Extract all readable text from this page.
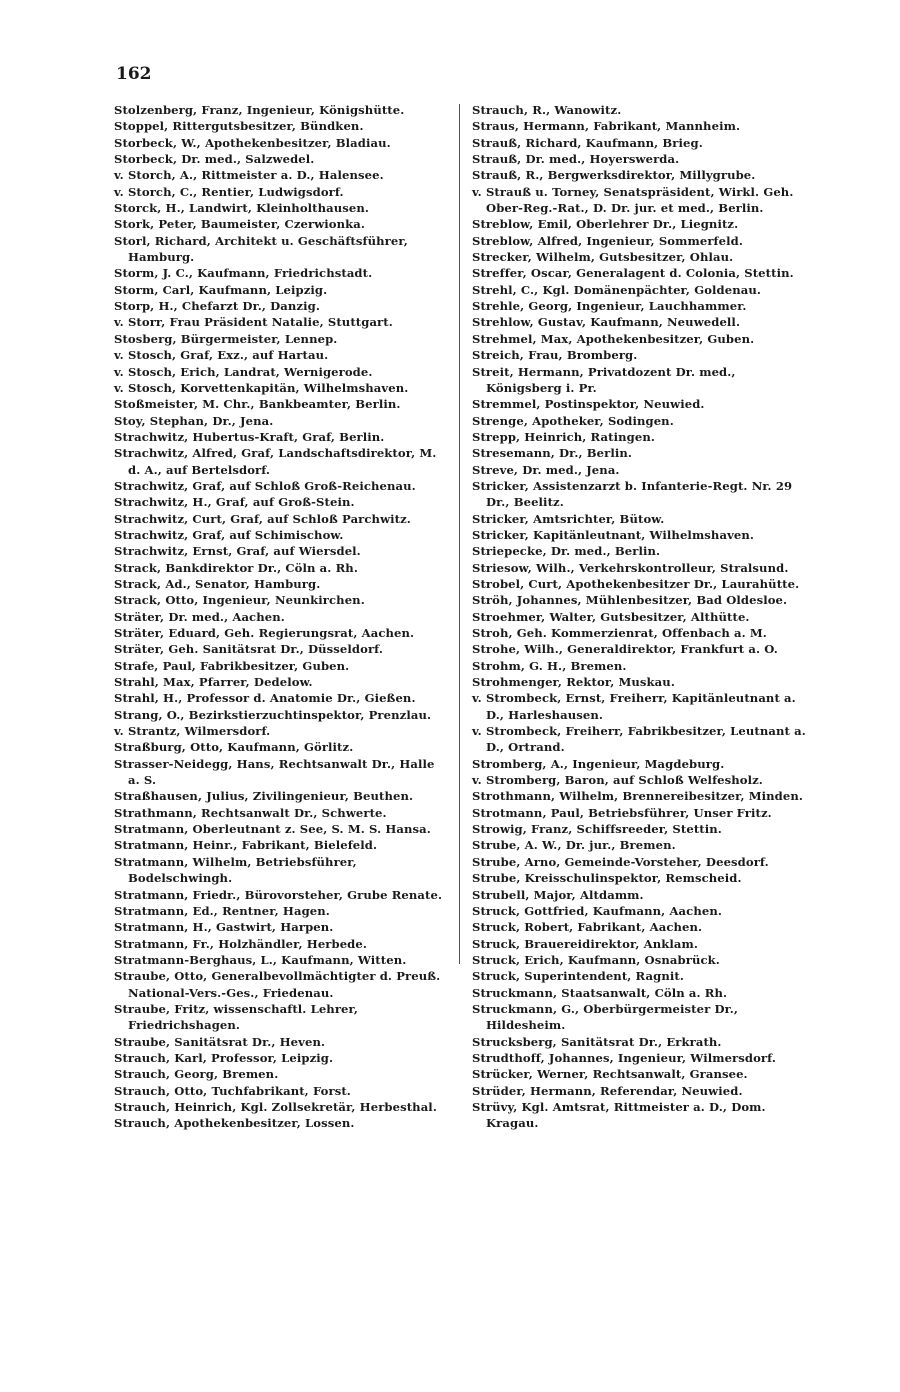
162
Stolzenberg, Franz, Ingenieur, Königshütte.
Stoppel, Rittergutsbesitzer, Bündken.
Storbeck, W., Apothekenbesitzer, Bladiau.
Storbeck, Dr. med., Salzwedel.
v. Storch, A., Rittmeister a. D., Halensee.
v. Storch, C., Rentier, Ludwigsdorf.
Storck, H., Landwirt, Kleinholthausen.
Stork, Peter, Baumeister, Czerwionka.
Storl, Richard, Architekt u. Geschäftsführer, Hamburg.
Storm, J. C., Kaufmann, Friedrichstadt.
Storm, Carl, Kaufmann, Leipzig.
Storp, H., Chefarzt Dr., Danzig.
v. Storr, Frau Präsident Natalie, Stuttgart.
Stosberg, Bürgermeister, Lennep.
v. Stosch, Graf, Exz., auf Hartau.
v. Stosch, Erich, Landrat, Wernigerode.
v. Stosch, Korvettenkapitän, Wilhelmshaven.
Stoßmeister, M. Chr., Bankbeamter, Berlin.
Stoy, Stephan, Dr., Jena.
Strachwitz, Hubertus-Kraft, Graf, Berlin.
Strachwitz, Alfred, Graf, Landschaftsdirektor, M. d. A., auf Bertelsdorf.
Strachwitz, Graf, auf Schloß Groß-Reichenau.
Strachwitz, H., Graf, auf Groß-Stein.
Strachwitz, Curt, Graf, auf Schloß Parchwitz.
Strachwitz, Graf, auf Schimischow.
Strachwitz, Ernst, Graf, auf Wiersdel.
Strack, Bankdirektor Dr., Cöln a. Rh.
Strack, Ad., Senator, Hamburg.
Strack, Otto, Ingenieur, Neunkirchen.
Sträter, Dr. med., Aachen.
Sträter, Eduard, Geh. Regierungsrat, Aachen.
Sträter, Geh. Sanitätsrat Dr., Düsseldorf.
Strafe, Paul, Fabrikbesitzer, Guben.
Strahl, Max, Pfarrer, Dedelow.
Strahl, H., Professor d. Anatomie Dr., Gießen.
Strang, O., Bezirkstierzuchtinspektor, Prenzlau.
v. Strantz, Wilmersdorf.
Straßburg, Otto, Kaufmann, Görlitz.
Strasser-Neidegg, Hans, Rechtsanwalt Dr., Halle a. S.
Straßhausen, Julius, Zivilingenieur, Beuthen.
Strathmann, Rechtsanwalt Dr., Schwerte.
Stratmann, Oberleutnant z. See, S. M. S. Hansa.
Stratmann, Heinr., Fabrikant, Bielefeld.
Stratmann, Wilhelm, Betriebsführer, Bodelschwingh.
Stratmann, Friedr., Bürovorsteher, Grube Renate.
Stratmann, Ed., Rentner, Hagen.
Stratmann, H., Gastwirt, Harpen.
Stratmann, Fr., Holzhändler, Herbede.
Stratmann-Berghaus, L., Kaufmann, Witten.
Straube, Otto, Generalbevollmächtigter d. Preuß. National-Vers.-Ges., Friedenau.
Straube, Fritz, wissenschaftl. Lehrer, Friedrichshagen.
Straube, Sanitätsrat Dr., Heven.
Strauch, Karl, Professor, Leipzig.
Strauch, Georg, Bremen.
Strauch, Otto, Tuchfabrikant, Forst.
Strauch, Heinrich, Kgl. Zollsekretär, Herbesthal.
Strauch, Apothekenbesitzer, Lossen.
Strauch, R., Wanowitz.
Straus, Hermann, Fabrikant, Mannheim.
Strauß, Richard, Kaufmann, Brieg.
Strauß, Dr. med., Hoyerswerda.
Strauß, R., Bergwerksdirektor, Millygrube.
v. Strauß u. Torney, Senatspräsident, Wirkl. Geh. Ober-Reg.-Rat., D. Dr. jur. et med., Berlin.
Streblow, Emil, Oberlehrer Dr., Liegnitz.
Streblow, Alfred, Ingenieur, Sommerfeld.
Strecker, Wilhelm, Gutsbesitzer, Ohlau.
Streffer, Oscar, Generalagent d. Colonia, Stettin.
Strehl, C., Kgl. Domänenpächter, Goldenau.
Strehle, Georg, Ingenieur, Lauchhammer.
Strehlow, Gustav, Kaufmann, Neuwedell.
Strehmel, Max, Apothekenbesitzer, Guben.
Streich, Frau, Bromberg.
Streit, Hermann, Privatdozent Dr. med., Königsberg i. Pr.
Stremmel, Postinspektor, Neuwied.
Strenge, Apotheker, Sodingen.
Strepp, Heinrich, Ratingen.
Stresemann, Dr., Berlin.
Streve, Dr. med., Jena.
Stricker, Assistenzarzt b. Infanterie-Regt. Nr. 29 Dr., Beelitz.
Stricker, Amtsrichter, Bütow.
Stricker, Kapitänleutnant, Wilhelmshaven.
Striepecke, Dr. med., Berlin.
Striesow, Wilh., Verkehrskontrolleur, Stralsund.
Strobel, Curt, Apothekenbesitzer Dr., Laurahütte.
Ströh, Johannes, Mühlenbesitzer, Bad Oldesloe.
Stroehmer, Walter, Gutsbesitzer, Althütte.
Stroh, Geh. Kommerzienrat, Offenbach a. M.
Strohe, Wilh., Generaldirektor, Frankfurt a. O.
Strohm, G. H., Bremen.
Strohmenger, Rektor, Muskau.
v. Strombeck, Ernst, Freiherr, Kapitänleutnant a. D., Harleshausen.
v. Strombeck, Freiherr, Fabrikbesitzer, Leutnant a. D., Ortrand.
Stromberg, A., Ingenieur, Magdeburg.
v. Stromberg, Baron, auf Schloß Welfesholz.
Strothmann, Wilhelm, Brennereibesitzer, Minden.
Strotmann, Paul, Betriebsführer, Unser Fritz.
Strowig, Franz, Schiffsreeder, Stettin.
Strube, A. W., Dr. jur., Bremen.
Strube, Arno, Gemeinde-Vorsteher, Deesdorf.
Strube, Kreisschulinspektor, Remscheid.
Strubell, Major, Altdamm.
Struck, Gottfried, Kaufmann, Aachen.
Struck, Robert, Fabrikant, Aachen.
Struck, Brauereidirektor, Anklam.
Struck, Erich, Kaufmann, Osnabrück.
Struck, Superintendent, Ragnit.
Struckmann, Staatsanwalt, Cöln a. Rh.
Struckmann, G., Oberbürgermeister Dr., Hildesheim.
Strucksberg, Sanitätsrat Dr., Erkrath.
Strudthoff, Johannes, Ingenieur, Wilmersdorf.
Strücker, Werner, Rechtsanwalt, Gransee.
Strüder, Hermann, Referendar, Neuwied.
Strüvy, Kgl. Amtsrat, Rittmeister a. D., Dom. Kragau.
